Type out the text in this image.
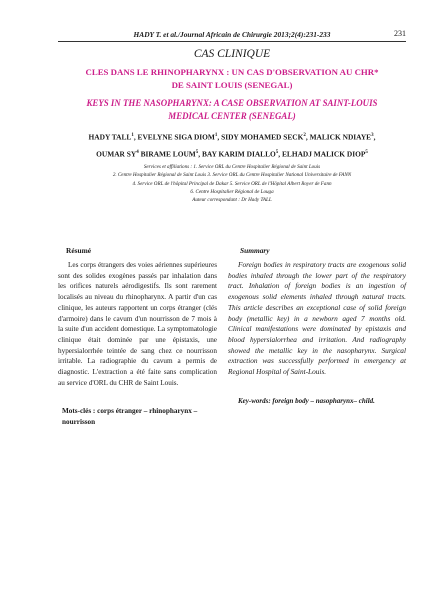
HADY T. et al./Journal Africain de Chirurgie 2013;2(4):231-233	231
CAS CLINIQUE
CLES DANS LE RHINOPHARYNX : UN CAS D'OBSERVATION AU CHR*
DE SAINT LOUIS (SENEGAL)
KEYS IN THE NASOPHARYNX: A CASE OBSERVATION AT SAINT-LOUIS
MEDICAL CENTER (SENEGAL)
HADY TALL$^1$, EVELYNE SIGA DIOM$^1$, SIDY MOHAMED SECK$^2$, MALICK NDIAYE$^3$,
OUMAR $SY^4$ BIRAME LOUM$^5$, BAY KARIM DIALLO$^5$, ELHADJ MALICK DIOP$^5$
Services et affiliations : 1. Service ORL du Centre Hospitalier Régional de Saint Louis
2. Centre Hospitalier Régional de Saint Louis 3. Service ORL du Centre Hospitalier National Universitaire de FANN
4. Service ORL de l'hôpital Principal de Dakar 5. Service ORL de l'Hôpital Albert Royer de Fann
6. Centre Hospitalier Régional de Louga
Auteur correspondant : Dr Hady TALL
Résumé

Les corps étrangers des voies aériennes supérieures sont des solides exogènes passés par inhalation dans les orifices naturels aérodigestifs. Ils sont rarement localisés au niveau du rhinopharynx. A partir d'un cas clinique, les auteurs rapportent un corps étranger (clés d'armoire) dans le cavum d'un nourrisson de 7 mois à la suite d'un accident domestique. La symptomatologie clinique était dominée par une épistaxis, une hypersialorrhée teintée de sang chez ce nourrisson irritable. La radiographie du cavum a permis de diagnostic. L'extraction a été faite sans complication au service d'ORL du CHR de Saint Louis.

Mots-clés : corps étranger – rhinopharynx – nourrisson
Summary

Foreign bodies in respiratory tracts are exogenous solid bodies inhaled through the lower part of the respiratory tract. Inhalation of foreign bodies is an ingestion of exogenous solid elements inhaled through natural tracts. This article describes an exceptional case of solid foreign body (metallic key) in a newborn aged 7 months old. Clinical manifestations were dominated by epistaxis and blood hypersialorrhea and irritation. And radiography showed the metallic key in the nasopharynx. Surgical extraction was successfully performed in emergency at Regional Hospital of Saint-Louis.

Key-words: foreign body – nasopharynx– child.
